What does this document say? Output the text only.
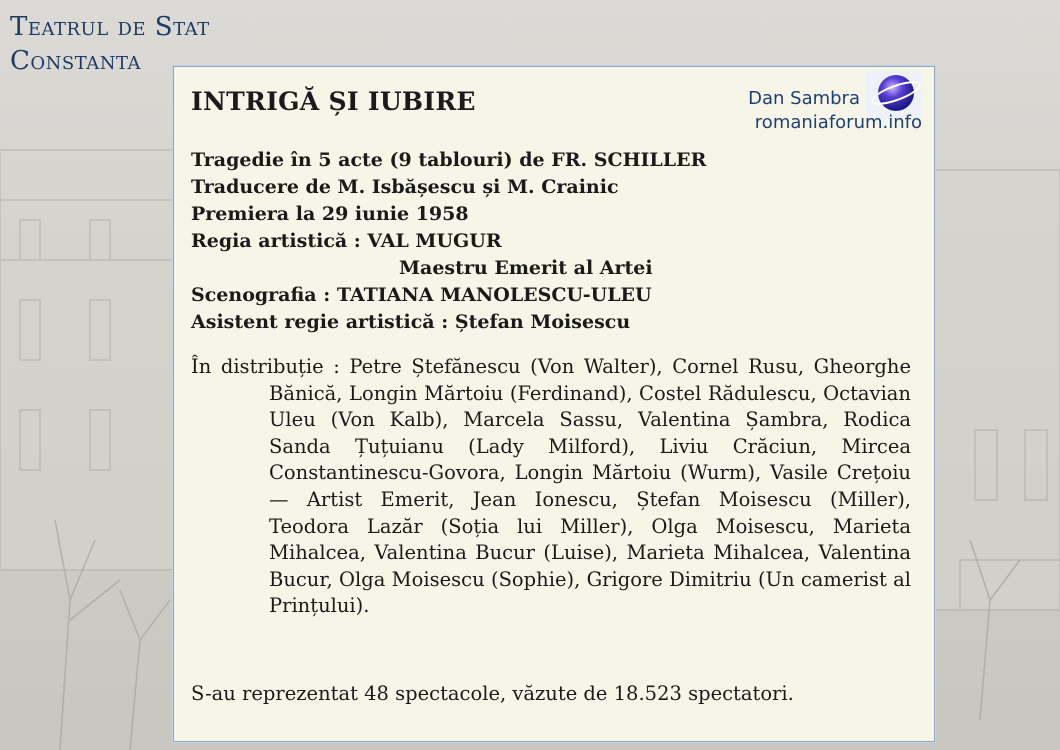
Teatrul de Stat
Constanta
INTRIGĂ ȘI IUBIRE	Dan Sambra
romaniaforum.info
Tragedie în 5 acte (9 tablouri) de FR. SCHILLER
Traducere de M. Isbășescu și M. Crainic
Premiera la 29 iunie 1958
Regia artistică : VAL MUGUR
Maestru Emerit al Artei
Scenografia : TATIANA MANOLESCU-ULEU
Asistent regie artistică : Ștefan Moisescu
În distribuție : Petre Ștefănescu (Von Walter), Cornel Rusu, Gheorghe Bănică, Longin Mărtoiu (Ferdinand), Costel Rădulescu, Octavian Uleu (Von Kalb), Marcela Sassu, Valentina Șambra, Rodica Sanda Țuțuianu (Lady Milford), Liviu Crăciun, Mircea Constantinescu-Govora, Longin Mărtoiu (Wurm), Vasile Crețoiu — Artist Emerit, Jean Ionescu, Ștefan Moisescu (Miller), Teodora Lazăr (Soția lui Miller), Olga Moisescu, Marieta Mihalcea, Valentina Bucur (Luise), Marieta Mihalcea, Valentina Bucur, Olga Moisescu (Sophie), Grigore Dimitriu (Un camerist al Prințului).
S-au reprezentat 48 spectacole, văzute de 18.523 spectatori.
